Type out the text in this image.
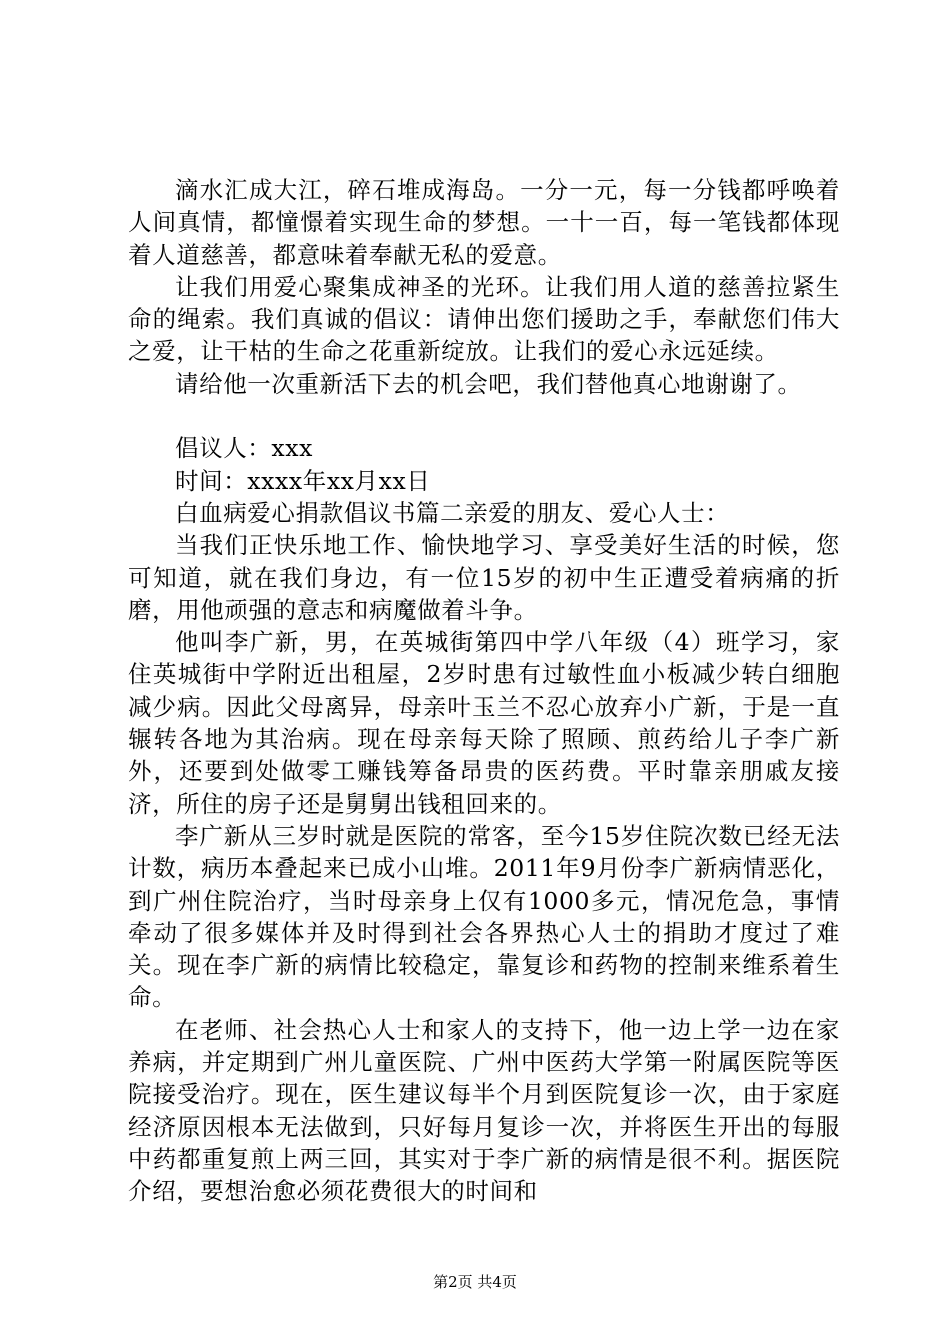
滴水汇成大江，碎石堆成海岛。一分一元，每一分钱都呼唤着人间真情，都憧憬着实现生命的梦想。一十一百，每一笔钱都体现着人道慈善，都意味着奉献无私的爱意。

让我们用爱心聚集成神圣的光环。让我们用人道的慈善拉紧生命的绳索。我们真诚的倡议：请伸出您们援助之手，奉献您们伟大之爱，让干枯的生命之花重新绽放。让我们的爱心永远延续。

请给他一次重新活下去的机会吧，我们替他真心地谢谢了。

倡议人：xxx

时间：xxxx年xx月xx日

白血病爱心捐款倡议书篇二亲爱的朋友、爱心人士：

当我们正快乐地工作、愉快地学习、享受美好生活的时候，您可知道，就在我们身边，有一位15岁的初中生正遭受着病痛的折磨，用他顽强的意志和病魔做着斗争。

他叫李广新，男，在英城街第四中学八年级（4）班学习，家住英城街中学附近出租屋，2岁时患有过敏性血小板减少转白细胞减少病。因此父母离异，母亲叶玉兰不忍心放弃小广新，于是一直辗转各地为其治病。现在母亲每天除了照顾、煎药给儿子李广新外，还要到处做零工赚钱筹备昂贵的医药费。平时靠亲朋戚友接济，所住的房子还是舅舅出钱租回来的。

李广新从三岁时就是医院的常客，至今15岁住院次数已经无法计数，病历本叠起来已成小山堆。2011年9月份李广新病情恶化，到广州住院治疗，当时母亲身上仅有1000多元，情况危急，事情牵动了很多媒体并及时得到社会各界热心人士的捐助才度过了难关。现在李广新的病情比较稳定，靠复诊和药物的控制来维系着生命。

在老师、社会热心人士和家人的支持下，他一边上学一边在家养病，并定期到广州儿童医院、广州中医药大学第一附属医院等医院接受治疗。现在，医生建议每半个月到医院复诊一次，由于家庭经济原因根本无法做到，只好每月复诊一次，并将医生开出的每服中药都重复煎上两三回，其实对于李广新的病情是很不利。据医院介绍，要想治愈必须花费很大的时间和

第2页 共4页
